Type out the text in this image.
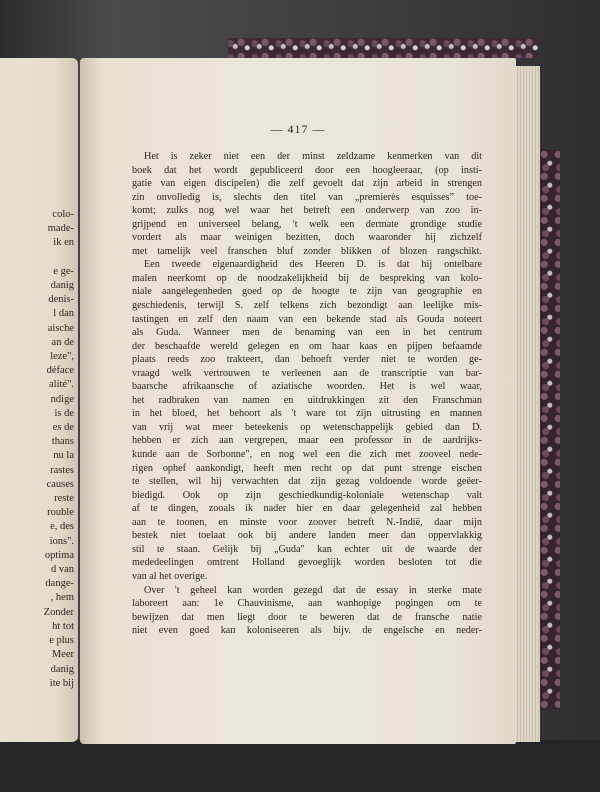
colo-
made-
ik en

e ge-
danig
denis-
l dan
aische
an de
leze",
déface
alité".
ndige
is de
es de
thans
nu la
rastes
causes
reste
rouble
e, des
ions".
optima
d van
dange-
, hem
Zonder
ht tot
e plus
Meer
danig
ite bij
— 417 —
Het is zeker niet een der minst zeldzame kenmerken van dit
boek dat het wordt gepubliceerd door een hoogleeraar, (op insti-
gatie van eigen discipelen) die zelf gevoelt dat zijn arbeid in strengen
zin onvolledig is, slechts den titel van „premierès esquisses” toe-
komt; zulks nog wel waar het betreft een onderwerp van zoo in-
grijpend en universeel belang, 't welk een dermate grondige studie
vordert als maar weinigen bezitten, doch waaronder hij zichzelf
met tamelijk veel franschen bluf zonder blikken of blozen rangschikt.
Een tweede eigenaardigheid des Heeren D. is dat hij ontelbare
malen neerkomt op de noodzakelijkheid bij de bespreking van kolo-
niale aangelegenheden goed op de hoogte te zijn van geographie en
geschiedenis, terwijl S. zelf telkens zich bezondigt aan leelijke mis-
tastingen en zelf den naam van een bekende stad als Gouda noteert
als Guda. Wanneer men de benaming van een in het centrum
der beschaafde wereld gelegen en om haar kaas en pijpen befaamde
plaats reeds zoo trakteert, dan behoeft verder niet te worden ge-
vraagd welk vertrouwen te verleenen aan de transcriptie van bar-
baarsche afrikaansche of aziatische woorden. Het is wel waar,
het radbraken van namen en uitdrukkingen zit den Franschman
in het bloed, het behoort als 't ware tot zijn uitrusting en mannen
van vrij wat meer beteekenis op wetenschappelijk gebied dan D.
hebben er zich aan vergrepen, maar een professor in de aardrijks-
kunde aan de Sorbonne", en nog wel een die zich met zooveel nede-
rigen ophef aankondigt, heeft men recht op dat punt strenge eischen
te stellen, wil hij verwachten dat zijn gezag voldoende worde geëer-
biedigd. Ook op zijn geschiedkundig-koloniale wetenschap valt
af te dingen, zooals ik nader hier en daar gelegenheid zal hebben
aan te toonen, en minste voor zoover betreft N.-Indië, daar mijn
bestek niet toelaat ook bij andere landen meer dan oppervlakkig
stil te staan. Gelijk bij „Guda" kan echter uit de waarde der
mededeelingen omtrent Holland gevoeglijk worden besloten tot die
van al het overige.
Over 't geheel kan worden gezegd dat de essay in sterke mate
laboreert aan: 1e Chauvinisme, aan wanhopige pogingen om te
bewijzen dat men liegt door te beweren dat de fransche natie
niet even goed kan koloniseeren als bijv. de engelsche en neder-
